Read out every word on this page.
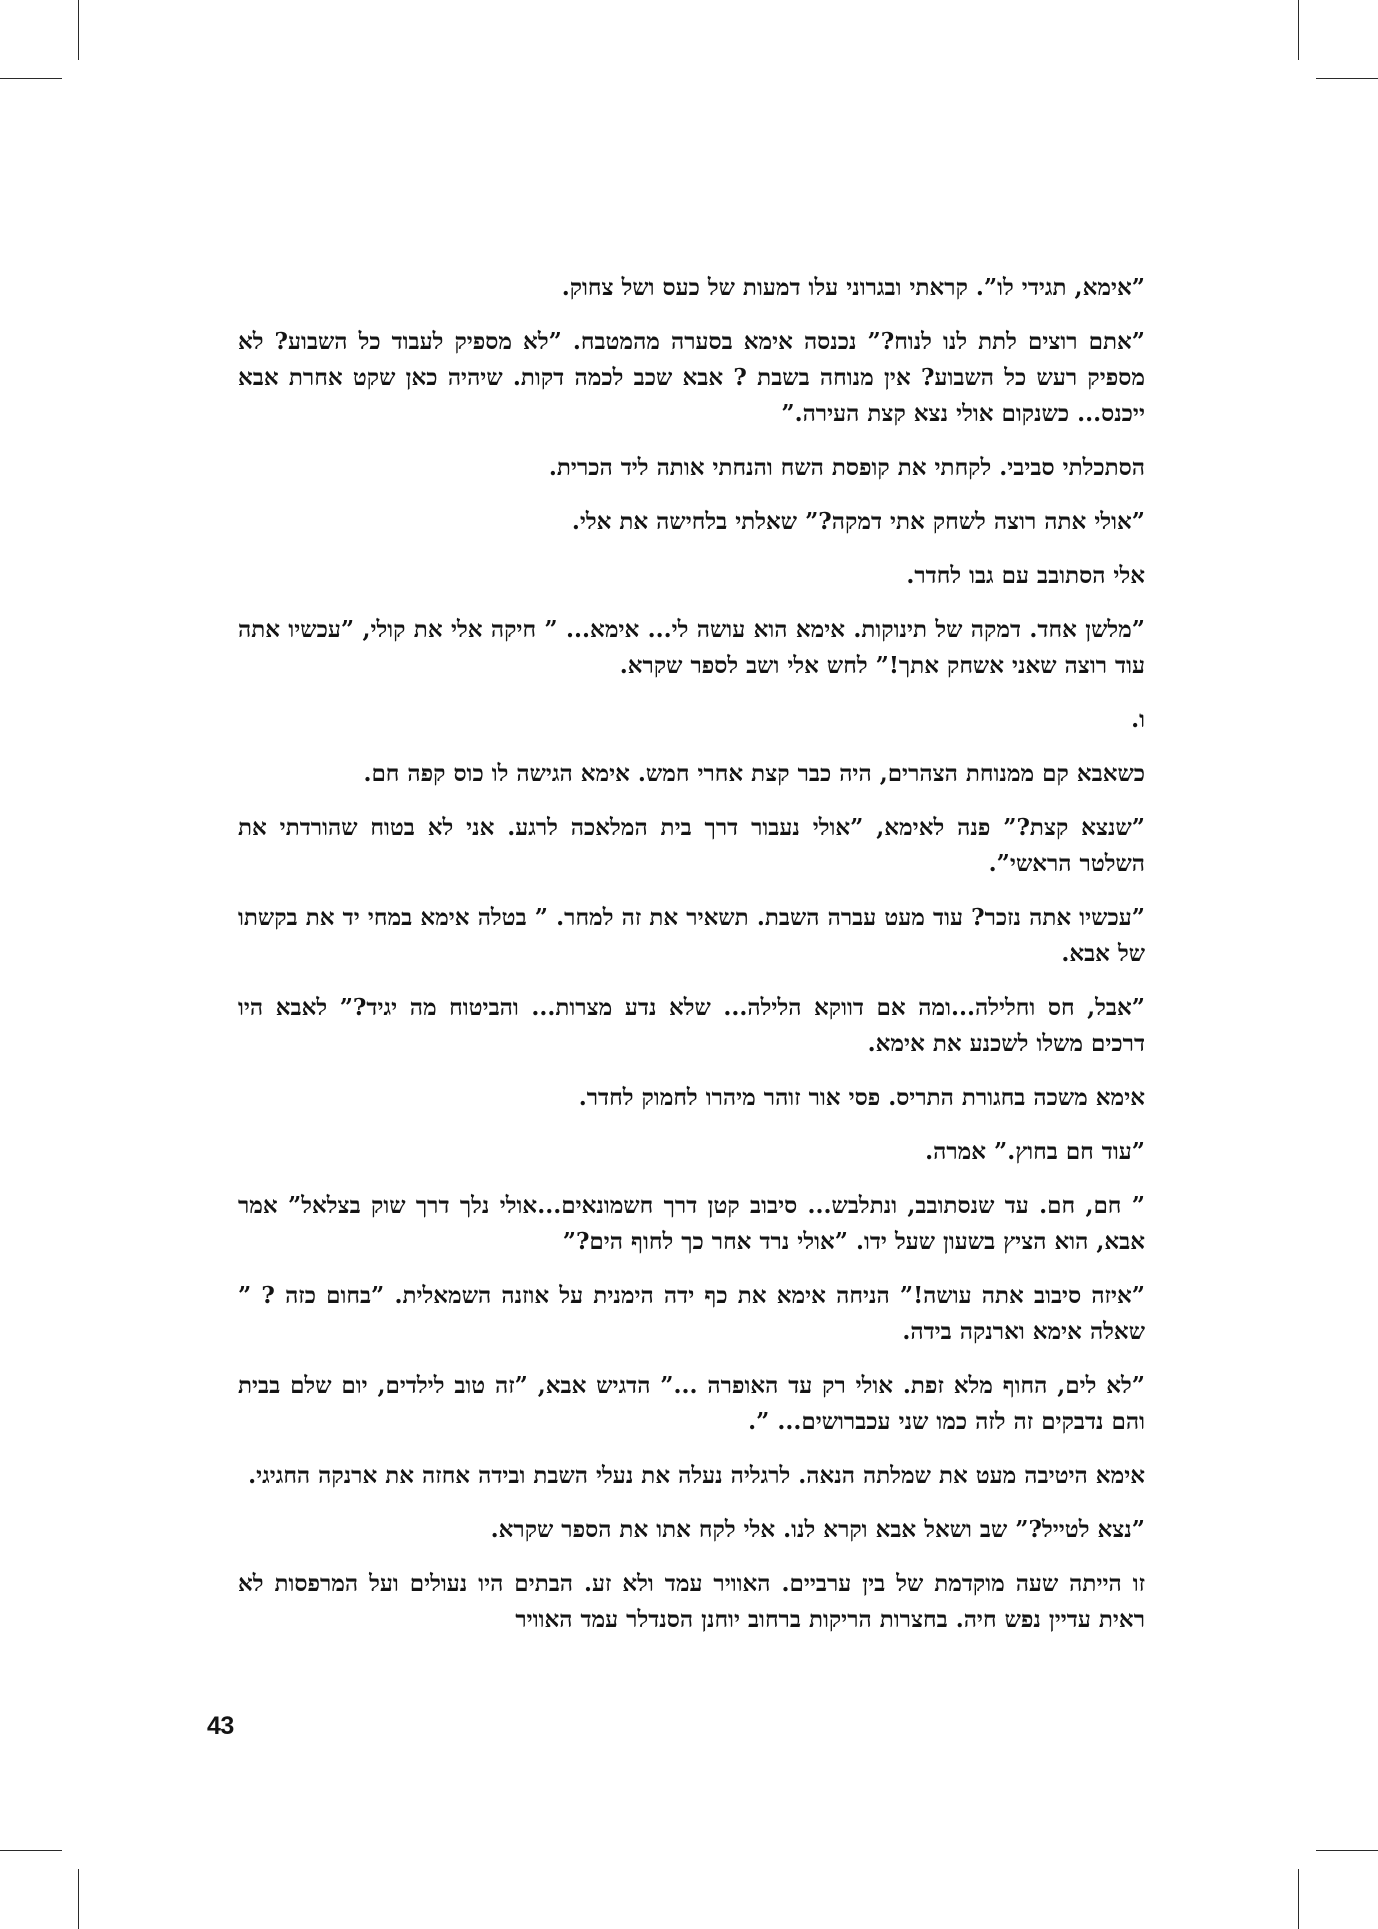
”אימא, תגידי לו”. קראתי ובגרוני עלו דמעות של כעס ושל צחוק.

”אתם רוצים לתת לנו לנוח?” נכנסה אימא בסערה מהמטבח. ”לא מספיק לעבוד כל השבוע? לא מספיק רעש כל השבוע? אין מנוחה בשבת ? אבא שכב לכמה דקות. שיהיה כאן שקט אחרת אבא ייכנס... כשנקום אולי נצא קצת העירה.”

הסתכלתי סביבי. לקחתי את קופסת השח והנחתי אותה ליד הכרית.

”אולי אתה רוצה לשחק אתי דמקה?” שאלתי בלחישה את אלי.

אלי הסתובב עם גבו לחדר.

”מלשן אחד. דמקה של תינוקות. אימא הוא עושה לי... אימא... ” חיקה אלי את קולי, ”עכשיו אתה עוד רוצה שאני אשחק אתך!” לחש אלי ושב לספר שקרא.

ו.

כשאבא קם ממנוחת הצהרים, היה כבר קצת אחרי חמש. אימא הגישה לו כוס קפה חם.

”שנצא קצת?” פנה לאימא, ”אולי נעבור דרך בית המלאכה לרגע. אני לא בטוח שהורדתי את השלטר הראשי”.

”עכשיו אתה נזכר? עוד מעט עברה השבת. תשאיר את זה למחר. ” בטלה אימא במחי יד את בקשתו של אבא.

”אבל, חס וחלילה...ומה אם דווקא הלילה... שלא נדע מצרות... והביטוח מה יגיד?” לאבא היו דרכים משלו לשכנע את אימא.

אימא משכה בחגורת התריס. פסי אור זוהר מיהרו לחמוק לחדר.

”עוד חם בחוץ.” אמרה.

” חם, חם. עד שנסתובב, ונתלבש... סיבוב קטן דרך חשמונאים...אולי נלך דרך שוק בצלאל” אמר אבא, הוא הציץ בשעון שעל ידו. ”אולי נרד אחר כך לחוף הים?”

”איזה סיבוב אתה עושה!” הניחה אימא את כף ידה הימנית על אוזנה השמאלית. ”בחום כזה ? ” שאלה אימא וארנקה בידה.

”לא לים, החוף מלא זפת. אולי רק עד האופרה ...” הדגיש אבא, ”זה טוב לילדים, יום שלם בבית והם נדבקים זה לזה כמו שני עכברושים... ”.

אימא היטיבה מעט את שמלתה הנאה. לרגליה נעלה את נעלי השבת ובידה אחזה את ארנקה החגיגי.

”נצא לטייל?” שב ושאל אבא וקרא לנו. אלי לקח אתו את הספר שקרא.

זו הייתה שעה מוקדמת של בין ערביים. האוויר עמד ולא זע. הבתים היו נעולים ועל המרפסות לא ראית עדיין נפש חיה. בחצרות הריקות ברחוב יוחנן הסנדלר עמד האוויר

43
